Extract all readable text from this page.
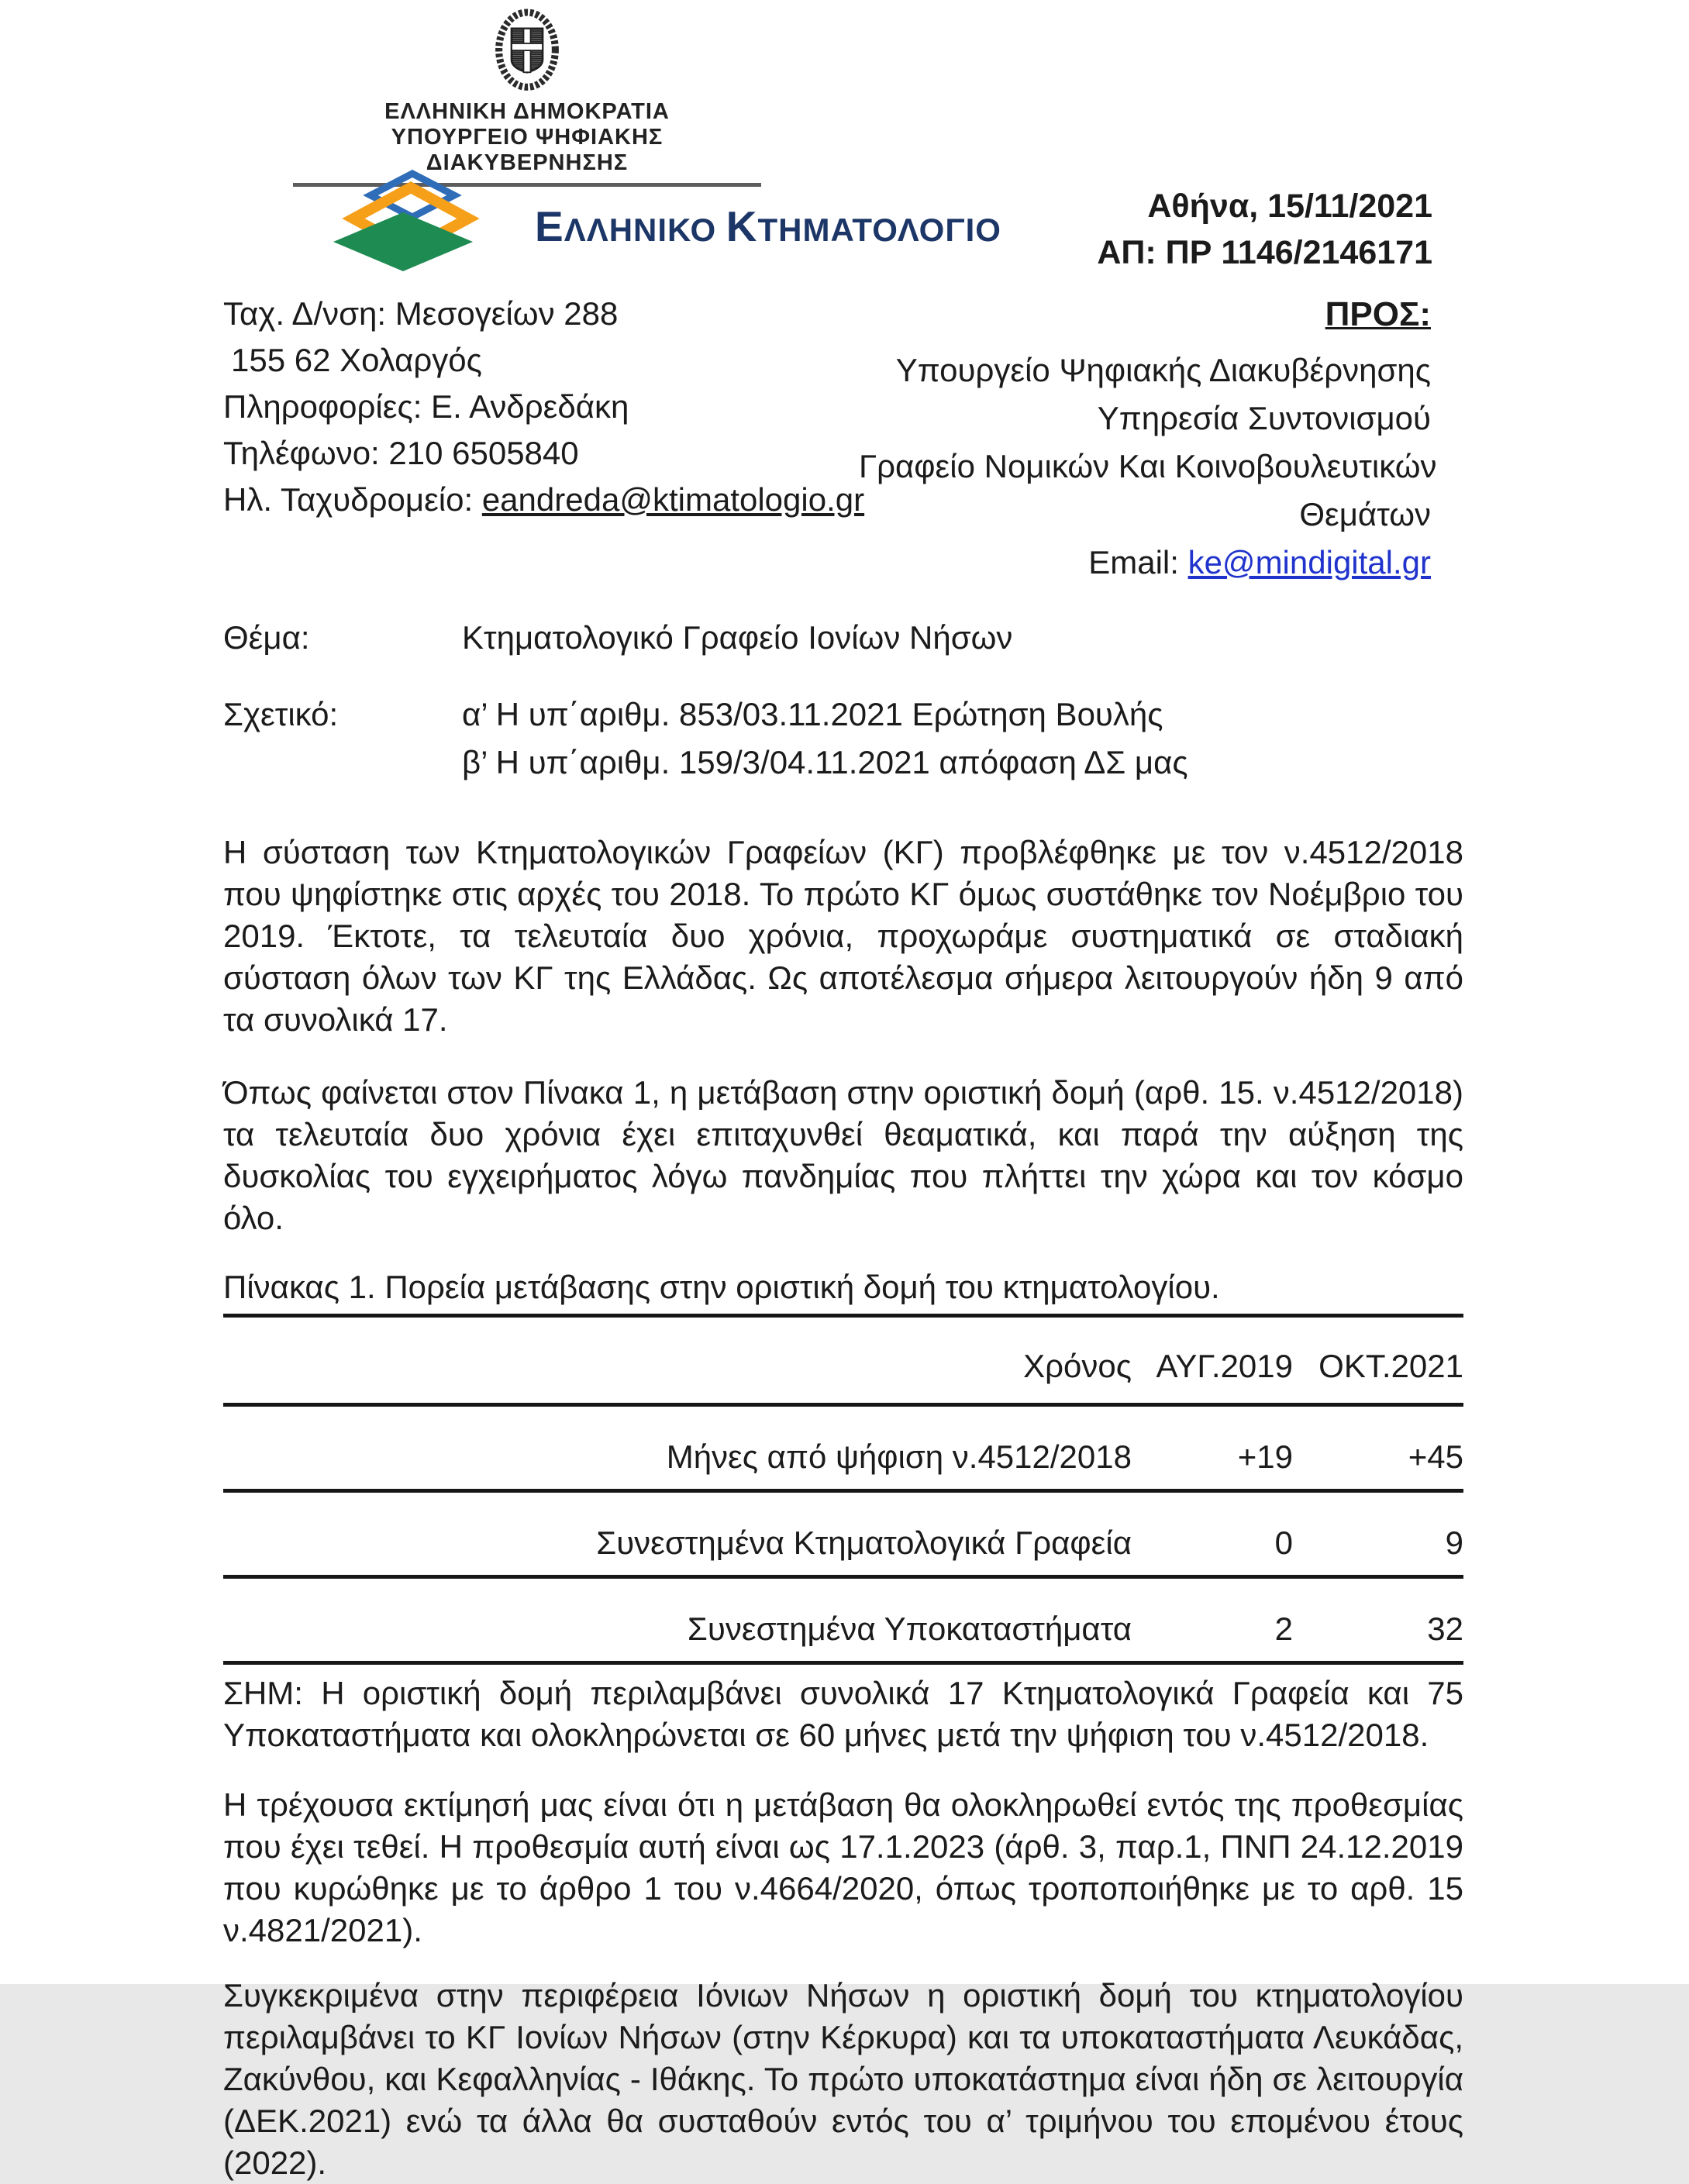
ΕΛΛΗΝΙΚΗ ΔΗΜΟΚΡΑΤΙΑ
ΥΠΟΥΡΓΕΙΟ ΨΗΦΙΑΚΗΣ ΔΙΑΚΥΒΕΡΝΗΣΗΣ
ΕΛΛΗΝΙΚΟ ΚΤΗΜΑΤΟΛΟΓΙΟ
Αθήνα, 15/11/2021
ΑΠ: ΠΡ 1146/2146171
Ταχ. Δ/νση: Μεσογείων 288
155 62 Χολαργός
Πληροφορίες: Ε. Ανδρεδάκη
Τηλέφωνο: 210 6505840
Ηλ. Ταχυδρομείο: eandreda@ktimatologio.gr
ΠΡΟΣ:
Υπουργείο Ψηφιακής Διακυβέρνησης
Υπηρεσία Συντονισμού
Γραφείο Νομικών Και Κοινοβουλευτικών
Θεμάτων
Email: ke@mindigital.gr
Θέμα:	Κτηματολογικό Γραφείο Ιονίων Νήσων
Σχετικό:	α’ Η υπ΄αριθμ. 853/03.11.2021 Ερώτηση Βουλής
β’ Η υπ΄αριθμ. 159/3/04.11.2021 απόφαση ΔΣ μας
Η σύσταση των Κτηματολογικών Γραφείων (ΚΓ) προβλέφθηκε με τον ν.4512/2018 που ψηφίστηκε στις αρχές του 2018. Το πρώτο ΚΓ όμως συστάθηκε τον Νοέμβριο του 2019. Έκτοτε, τα τελευταία δυο χρόνια, προχωράμε συστηματικά σε σταδιακή σύσταση όλων των ΚΓ της Ελλάδας. Ως αποτέλεσμα σήμερα λειτουργούν ήδη 9 από τα συνολικά 17.
Όπως φαίνεται στον Πίνακα 1, η μετάβαση στην οριστική δομή (αρθ. 15. ν.4512/2018) τα τελευταία δυο χρόνια έχει επιταχυνθεί θεαματικά, και παρά την αύξηση της δυσκολίας του εγχειρήματος λόγω πανδημίας που πλήττει την χώρα και τον κόσμο όλο.
Πίνακας 1. Πορεία μετάβασης στην οριστική δομή του κτηματολογίου.
Χρόνος ΑΥΓ.2019 ΟΚΤ.2021
Μήνες από ψήφιση ν.4512/2018	+19	+45
Συνεστημένα Κτηματολογικά Γραφεία	0	9
Συνεστημένα Υποκαταστήματα	2	32
ΣΗΜ: Η οριστική δομή περιλαμβάνει συνολικά 17 Κτηματολογικά Γραφεία και 75 Υποκαταστήματα και ολοκληρώνεται σε 60 μήνες μετά την ψήφιση του ν.4512/2018.
Η τρέχουσα εκτίμησή μας είναι ότι η μετάβαση θα ολοκληρωθεί εντός της προθεσμίας που έχει τεθεί. Η προθεσμία αυτή είναι ως 17.1.2023 (άρθ. 3, παρ.1, ΠΝΠ 24.12.2019 που κυρώθηκε με το άρθρο 1 του ν.4664/2020, όπως τροποποιήθηκε με το αρθ. 15 ν.4821/2021).
Συγκεκριμένα στην περιφέρεια Ιόνιων Νήσων η οριστική δομή του κτηματολογίου περιλαμβάνει το ΚΓ Ιονίων Νήσων (στην Κέρκυρα) και τα υποκαταστήματα Λευκάδας, Ζακύνθου, και Κεφαλληνίας - Ιθάκης. Το πρώτο υποκατάστημα είναι ήδη σε λειτουργία (ΔΕΚ.2021) ενώ τα άλλα θα συσταθούν εντός του α’ τριμήνου του επομένου έτους (2022).
